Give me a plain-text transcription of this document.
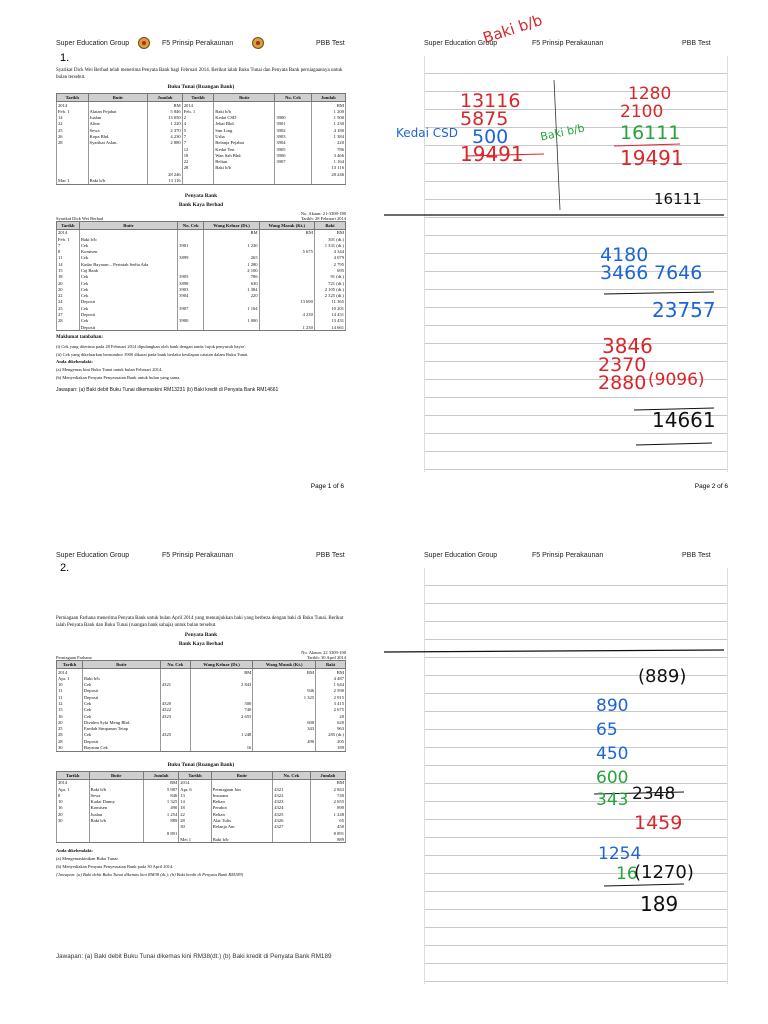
Super Education Group	F5 Prinsip Perakaunan	PBB Test
1.

Syarikat Dick Wei Berhad telah menerima Penyata Bank bagi Februari 2014. Berikut ialah Buku Tunai dan Penyata Bank perniagaannya untuk bulan tersebut.

Buku Tunai (Ruangan Bank)
Tarikh	Butir	Jumlah	Tarikh	Butir	No. Cek	Jumlah
2014		RM	2014			RM
Feb. 1	Alatan Pejabat	5 846	Feb. 1	Baki b/b		1 200
14	Jualan	13 050	2	Kedai CSD	3900	1 500
22	Aline	1 220	4	Jebat Bhd.	3901	1 230
25	Sewa	2 370	5	Sun Ling	3902	4 180
26	Kopa Bhd.	4 230	7	Usha	3903	1 384
28	Syarikat Aslan.	2 880	7	Belanja Pejabat	3904	220
			12	Kedai Yen	3905	786
			18	Wan Sah Bhd.	3906	3 466
			22	Belian	3907	1 164
			28	Baki b/b		13 116
		28 246				28 246
Mac 1	Baki b/b	13 116				
Penyata Bank
Bank Kaya Berhad
No. Akaun: 21-3308-180
Syarikat Dick Wei Berhad	Tarikh: 28 Februari 2014
Tarikh	Butir	No. Cek	Wang Keluar (Dt.)	Wang Masuk (Kt.)	Baki
2014			RM	RM	RM
Feb. 1	Baki b/b				301 (dt.)
7	Cek	3901	1 230		1 331 (dt.)
8	Komisen			5 675	4 344
11	Cek	3899	265		4 079
14	Kadar Bayaran – Perintah Sedia Ada		1 280		2 795
15	Caj Bank		2 100		695
18	Cek	3905	786		91 (dt.)
20	Cek	3898	630		721 (dt.)
20	Cek	3903	1 384		2 105 (dt.)
22	Cek	3904	220		2 325 (dt.)
24	Deposit			13 690	11 365
25	Cek	3907	1 164		10 201
27	Deposit			4 230	14 431
28	Cek	3900	1 000		13 431
	Deposit			1 230	14 661

Maklumat tambahan:

(i) Cek yang diterima pada 28 Februari 2014 dipulangkan oleh bank dengan tanda 'rujuk penyuruh bayar'.

(ii) Cek yang dikeluarkan bernombor 3900 dikarai pada bank berlaku kesilapan catatan dalam Buku Tunai.

Anda dikehendaki:

(a) Mengemas kini Buku Tunai untuk bulan Februari 2014.

(b) Menyediakan Penyata Penyesuaian Bank untuk bulan yang sama.

Jawapan: (a) Baki debit Buku Tunai dikemaskini RM13231 (b) Baki kredit di Penyata Bank RM14661

Page 1 of 6
Super Education Group	F5 Prinsip Perakaunan	PBB Test
Baki b/b
Kedai CSD	Baki b/b
13116
5875
500
19491
1280
2100
16111
19491
16111
4180
3466 7646
23757
3846
2370
2880 (9096)
14661
Page 2 of 6
Super Education Group	F5 Prinsip Perakaunan	PBB Test
2.

Perniagaan Farhana menerima Penyata Bank untuk bulan April 2014 yang menunjukkan baki yang berbeza dengan baki di Buku Tunai. Berikut ialah Penyata Bank dan Buku Tunai (ruangan bank sahaja) untuk bulan tersebut.

Penyata Bank
Bank Kaya Berhad
No. Akaun: 22 3309-190
Perniagaan Farhana	Tarikh: 30 April 2014
Tarikh	Butir	No. Cek	Wang Keluar (Dt.)	Wang Masuk (Kt.)	Baki
2014			RM	RM	RM
Apr. 1	Baki b/b				4 487
10	Cek	4321	2 843		1 644
11	Deposit			946	2 590
11	Deposit			1 325	2 915
12	Cek	4320	500		3 415
15	Cek	4322	740		2 675
16	Cek	4323	2 655		20
20	Dividen Sykt Meng Bhd.			600	620
25	Faedah Simpanan Tetap			343	963
28	Cek	4325	1 248		285 (dt.)
28	Deposit			490	205
30	Bayaran Cek		16		189
Buku Tunai (Ruangan Bank)
Tarikh	Butir	Jumlah	Tarikh	Butir	No. Cek	Jumlah
2014		RM	2014			RM
Apr. 1	Baki b/b	5 987	Apr. 6	Perniagaan Jun	4321	2 843
8	Sewa	846	13	Insurans	4322	740
10	Kadai Danny	1 325	14	Belian	4323	2 655
16	Komisen	490	18	Perabot	4324	890
20	Jualan	1 254	22	Belian	4325	1 248
30	Baki b/b	889	28	Alat Tulis	4326	65
			30	Belanja Am	4327	450
		8 891				8 891
			Mei 1	Baki b/b		889

Anda dikehendaki:

(a) Mengemaskinikan Buku Tunai.

(b) Menyediakan Penyata Penyesuaian Bank pada 30 April 2014.

[Jawapan: (a) Baki debit Buku Tunai dikemas kini RM38 (dt.); (b) Baki kredit di Penyata Bank RM189]

Jawapan: (a) Baki debit Buku Tunai dikemas kini RM38(dt.) (b) Baki kredit di Penyata Bank RM189

Super Education Group	F5 Prinsip Perakaunan	PBB Test
(889)
890
65
450
600
343 2348
1459
1254
16
(1270)
189
